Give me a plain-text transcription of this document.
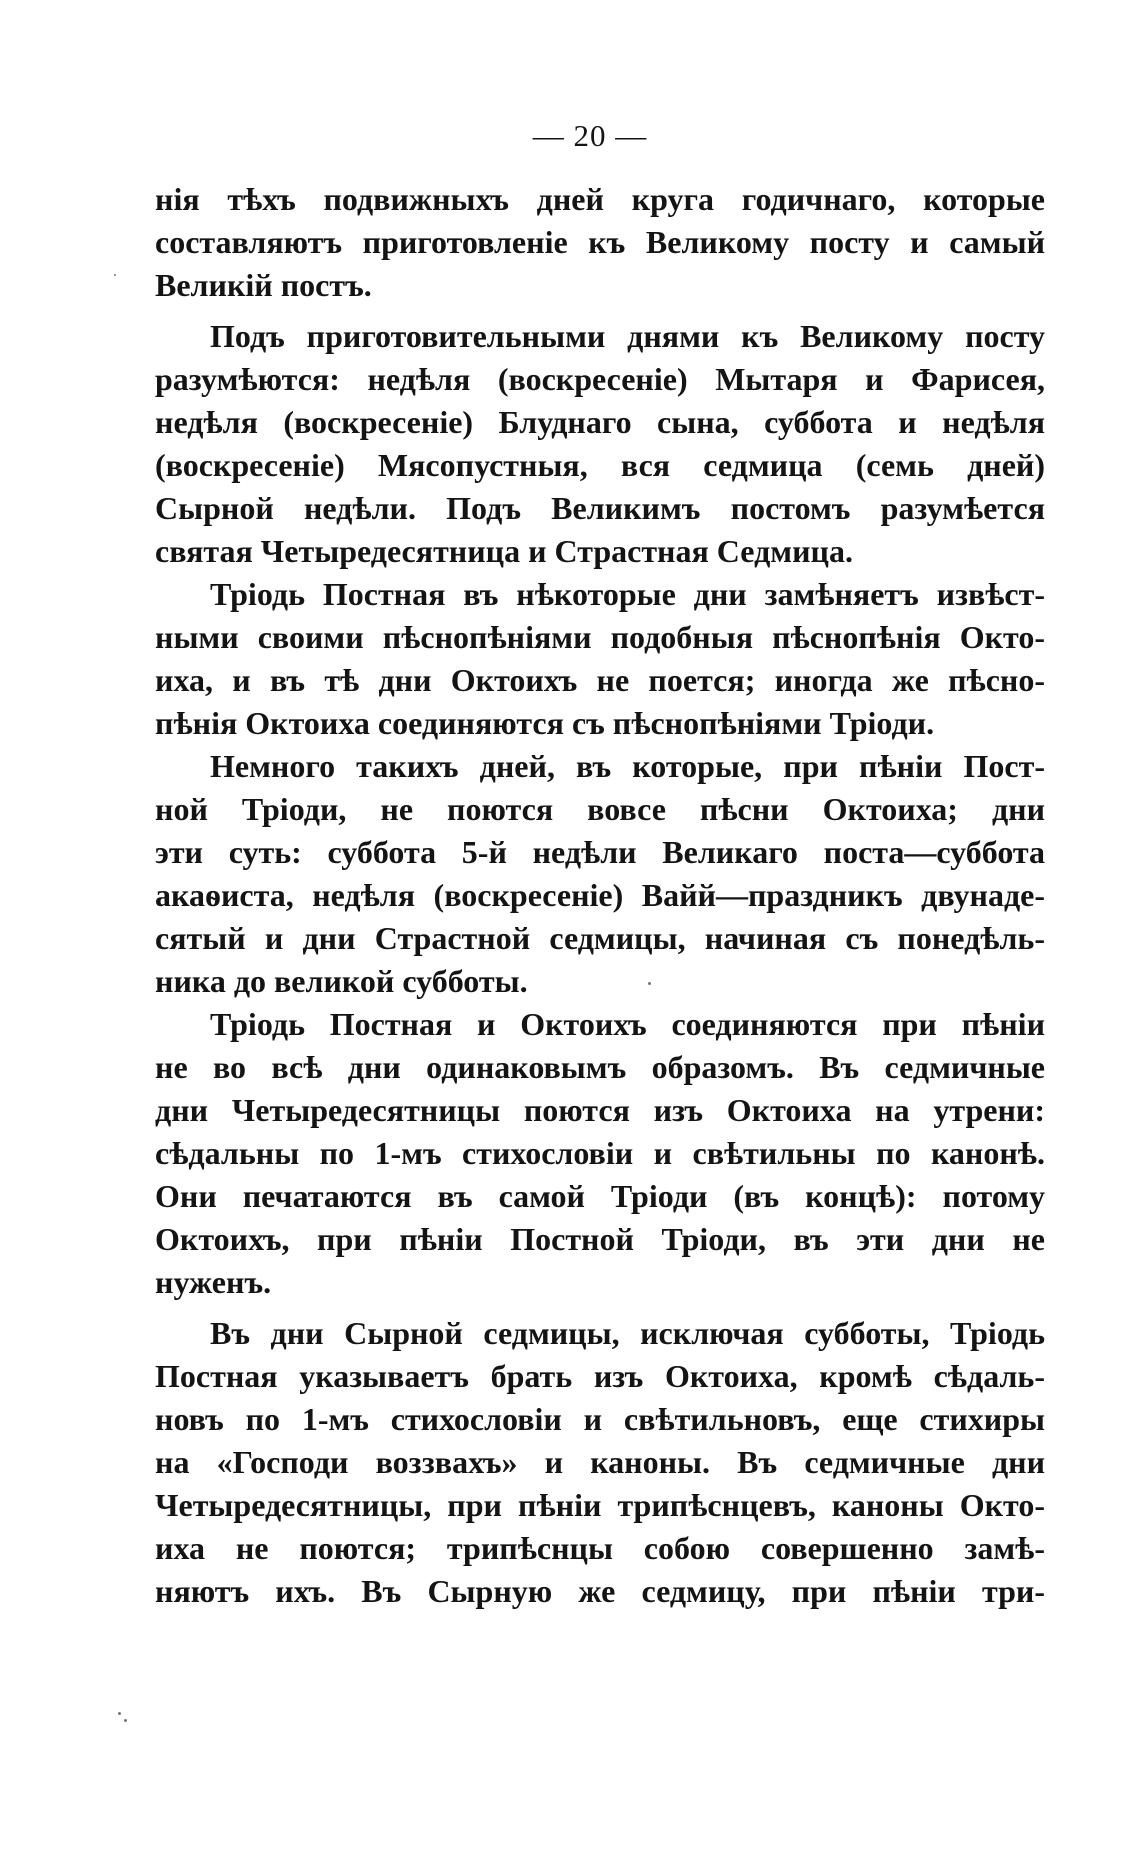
— 20 —
нія тѣхъ подвижныхъ дней круга годичнаго, которые
составляютъ приготовленіе къ Великому посту и самый
Великій постъ.
Подъ приготовительными днями къ Великому посту
разумѣются: недѣля (воскресеніе) Мытаря и Фарисея,
недѣля (воскресеніе) Блуднаго сына, суббота и недѣля
(воскресеніе) Мясопустныя, вся седмица (семь дней)
Сырной недѣли. Подъ Великимъ постомъ разумѣется
святая Четыредесятница и Страстная Седмица.
Тріодь Постная въ нѣкоторые дни замѣняетъ извѣст-
ными своими пѣснопѣніями подобныя пѣснопѣнія Окто-
иха, и въ тѣ дни Октоихъ не поется; иногда же пѣсно-
пѣнія Октоиха соединяются съ пѣснопѣніями Тріоди.
Немного такихъ дней, въ которые, при пѣніи Пост-
ной Тріоди, не поются вовсе пѣсни Октоиха; дни
эти суть: суббота 5-й недѣли Великаго поста—суббота
акаѳиста, недѣля (воскресеніе) Вайй—праздникъ двунаде-
сятый и дни Страстной седмицы, начиная съ понедѣль-
ника до великой субботы.
Тріодь Постная и Октоихъ соединяются при пѣніи
не во всѣ дни одинаковымъ образомъ. Въ седмичные
дни Четыредесятницы поются изъ Октоиха на утрени:
сѣдальны по 1-мъ стихословіи и свѣтильны по канонѣ.
Они печатаются въ самой Тріоди (въ концѣ): потому
Октоихъ, при пѣніи Постной Тріоди, въ эти дни не
нуженъ.
Въ дни Сырной седмицы, исключая субботы, Тріодь
Постная указываетъ брать изъ Октоиха, кромѣ сѣдаль-
новъ по 1-мъ стихословіи и свѣтильновъ, еще стихиры
на «Господи воззвахъ» и каноны. Въ седмичные дни
Четыредесятницы, при пѣніи трипѣснцевъ, каноны Окто-
иха не поются; трипѣснцы собою совершенно замѣ-
няютъ ихъ. Въ Сырную же седмицу, при пѣніи три-
